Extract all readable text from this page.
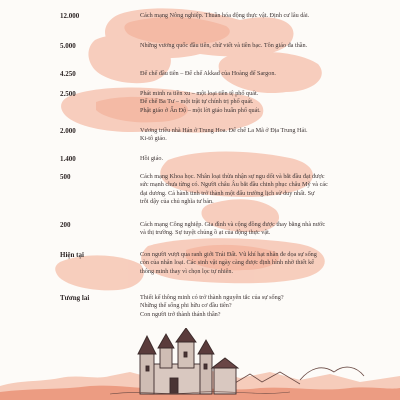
12.000	Cách mạng Nông nghiệp. Thuần hóa động thực vật. Định cư lâu dài.
5.000	Những vương quốc đầu tiên, chữ viết và tiền bạc. Tôn giáo đa thần.
4.250	Đế chế đầu tiên – Đế chế Akkad của Hoàng đế Sargon.
2.500	Phát minh ra tiền xu – một loại tiền tệ phổ quát.
Đế chế Ba Tư – một trật tự chính trị phổ quát.
Phật giáo ở Ấn Độ – một lời giáo huấn phổ quát.
2.000	Vương triều nhà Hán ở Trung Hoa. Đế chế La Mã ở Địa Trung Hải.
Ki-tô giáo.
1.400	Hồi giáo.
500	Cách mạng Khoa học. Nhân loại thừa nhận sự ngu dốt và bắt đầu đạt được
sức mạnh chưa từng có. Người châu Âu bắt đầu chinh phục châu Mỹ và các
đại dương. Cả hành tinh trở thành một đấu trường lịch sử duy nhất. Sự
trỗi dậy của chủ nghĩa tư bản.
200	Cách mạng Công nghiệp. Gia đình và cộng đồng được thay bằng nhà nước
và thị trường. Sự tuyệt chủng ồ ạt của động thực vật.
Hiện tại	Con người vượt qua ranh giới Trái Đất. Vũ khí hạt nhân đe dọa sự sống
còn của nhân loại. Các sinh vật ngày càng được định hình nhờ thiết kế
thông minh thay vì chọn lọc tự nhiên.
Tương lai	Thiết kế thông minh có trở thành nguyên tắc của sự sống?
Những thế sống phi hữu cơ đầu tiên?
Con người trở thành thánh thần?
